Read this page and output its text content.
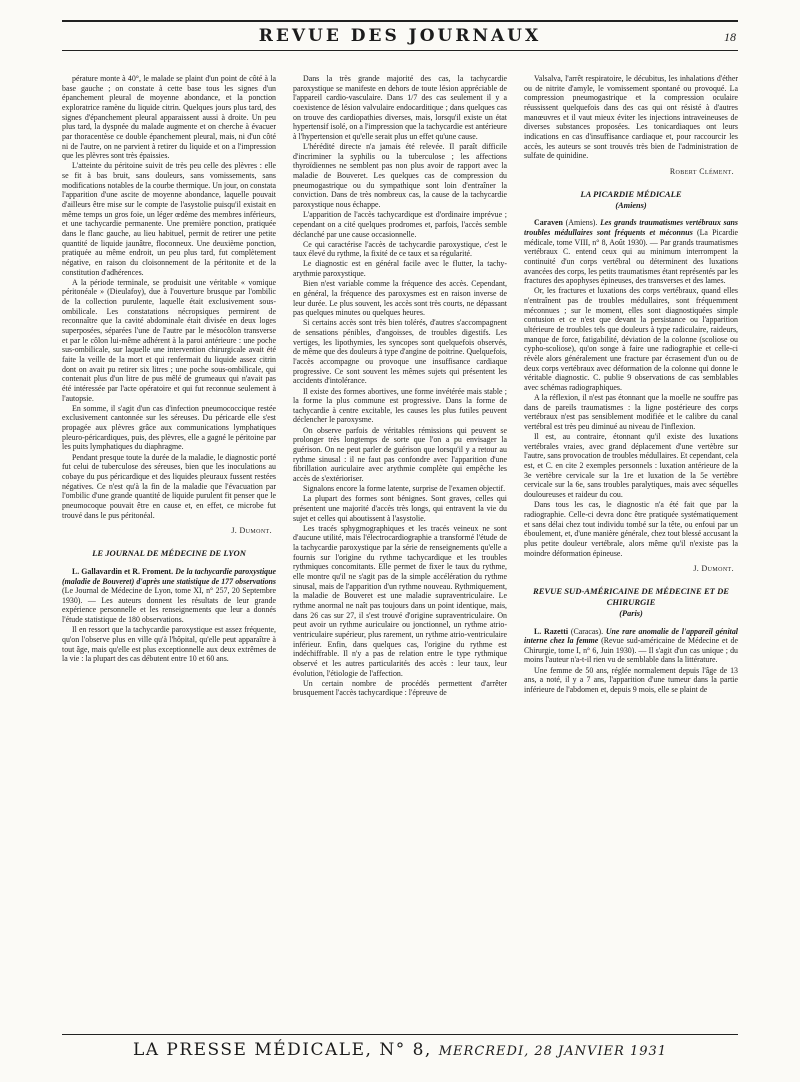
REVUE DES JOURNAUX	18

pérature monte à 40°, le malade se plaint d'un point de côté à la base gauche ; on constate à cette base tous les signes d'un épanchement pleural de moyenne abondance, et la ponction exploratrice ramène du liquide citrin. Quelques jours plus tard, des signes d'épanchement pleural apparaissent aussi à droite. Un peu plus tard, la dyspnée du malade augmente et on cherche à évacuer par thoracentèse ce double épanchement pleural, mais, ni d'un côté ni de l'autre, on ne parvient à retirer du liquide et on a l'impression que les plèvres sont très épaissies.

L'atteinte du péritoine suivit de très peu celle des plèvres : elle se fit à bas bruit, sans douleurs, sans vomissements, sans modifications notables de la courbe thermique. Un jour, on constata l'apparition d'une ascite de moyenne abondance, laquelle pouvait d'ailleurs être mise sur le compte de l'asystolie puisqu'il existait en même temps un gros foie, un léger œdème des membres inférieurs, et une tachycardie permanente. Une première ponction, pratiquée dans le flanc gauche, au lieu habituel, permit de retirer une petite quantité de liquide jaunâtre, floconneux. Une deuxième ponction, pratiquée au même endroit, un peu plus tard, fut complètement négative, en raison du cloisonnement de la péritonite et de la constitution d'adhérences.

A la période terminale, se produisit une véritable « vomique péritonéale » (Dieulafoy), due à l'ouverture brusque par l'ombilic de la collection purulente, laquelle était exclusivement sous-ombilicale. Les constatations nécropsiques permirent de reconnaître que la cavité abdominale était divisée en deux loges superposées, séparées l'une de l'autre par le mésocôlon transverse et par le côlon lui-même adhérent à la paroi antérieure : une poche sus-ombilicale, sur laquelle une intervention chirurgicale avait été faite la veille de la mort et qui renfermait du liquide assez citrin dont on avait pu retirer six litres ; une poche sous-ombilicale, qui contenait plus d'un litre de pus mêlé de grumeaux qui n'avait pas été intéressée par l'acte opératoire et qui fut reconnue seulement à l'autopsie.

En somme, il s'agit d'un cas d'infection pneumococcique restée exclusivement cantonnée sur les séreuses. Du péricarde elle s'est propagée aux plèvres grâce aux communications lymphatiques pleuro-péricardiques, puis, des plèvres, elle a gagné le péritoine par les puits lymphatiques du diaphragme.

Pendant presque toute la durée de la maladie, le diagnostic porté fut celui de tuberculose des séreuses, bien que les inoculations au cobaye du pus péricardique et des liquides pleuraux fussent restées négatives. Ce n'est qu'à la fin de la maladie que l'évacuation par l'ombilic d'une grande quantité de liquide purulent fit penser que le pneumocoque pouvait être en cause et, en effet, ce microbe fut trouvé dans le pus péritonéal.

J. Dumont.

LE JOURNAL DE MÉDECINE DE LYON

L. Gallavardin et R. Froment. De la tachycardie paroxystique (maladie de Bouveret) d'après une statistique de 177 observations (Le Journal de Médecine de Lyon, tome XI, n° 257, 20 Septembre 1930). — Les auteurs donnent les résultats de leur grande expérience personnelle et les renseignements que leur a donnés l'étude statistique de 180 observations.

Il en ressort que la tachycardie paroxystique est assez fréquente, qu'on l'observe plus en ville qu'à l'hôpital, qu'elle peut apparaître à tout âge, mais qu'elle est plus exceptionnelle aux deux extrêmes de la vie : la plupart des cas débutent entre 10 et 60 ans.

Dans la très grande majorité des cas, la tachycardie paroxystique se manifeste en dehors de toute lésion appréciable de l'appareil cardio-vasculaire. Dans 1/7 des cas seulement il y a coexistence de lésion valvulaire endocarditique ; dans quelques cas on trouve des cardiopathies diverses, mais, lorsqu'il existe un état hypertensif isolé, on a l'impression que la tachycardie est antérieure à l'hypertension et qu'elle serait plus un effet qu'une cause.

L'hérédité directe n'a jamais été relevée. Il paraît difficile d'incriminer la syphilis ou la tuberculose ; les affections thyroïdiennes ne semblent pas non plus avoir de rapport avec la maladie de Bouveret. Les quelques cas de compression du pneumogastrique ou du sympathique sont loin d'entraîner la conviction. Dans de très nombreux cas, la cause de la tachycardie paroxystique nous échappe.

L'apparition de l'accès tachycardique est d'ordinaire imprévue ; cependant on a cité quelques prodromes et, parfois, l'accès semble déclanché par une cause occasionnelle.

Ce qui caractérise l'accès de tachycardie paroxystique, c'est le taux élevé du rythme, la fixité de ce taux et sa régularité.

Le diagnostic est en général facile avec le flutter, la tachy-arythmie paroxystique.

Bien n'est variable comme la fréquence des accès. Cependant, en général, la fréquence des paroxysmes est en raison inverse de leur durée. Le plus souvent, les accès sont très courts, ne dépassant pas quelques minutes ou quelques heures.

Si certains accès sont très bien tolérés, d'autres s'accompagnent de sensations pénibles, d'angoisses, de troubles digestifs. Les vertiges, les lipothymies, les syncopes sont quelquefois observés, de même que des douleurs à type d'angine de poitrine. Quelquefois, l'accès accompagne ou provoque une insuffisance cardiaque progressive. Ce sont souvent les mêmes sujets qui présentent les accidents d'intolérance.

Il existe des formes abortives, une forme invétérée mais stable ; la forme la plus commune est progressive. Dans la forme de tachycardie à centre excitable, les causes les plus futiles peuvent déclencher le paroxysme.

On observe parfois de véritables rémissions qui peuvent se prolonger très longtemps de sorte que l'on a pu envisager la guérison. On ne peut parler de guérison que lorsqu'il y a retour au rythme sinusal : il ne faut pas confondre avec l'apparition d'une fibrillation auriculaire avec arythmie complète qui empêche les accès de s'extérioriser.

Signalons encore la forme latente, surprise de l'examen objectif.

La plupart des formes sont bénignes. Sont graves, celles qui présentent une majorité d'accès très longs, qui entravent la vie du sujet et celles qui aboutissent à l'asystolie.

Les tracés sphygmographiques et les tracés veineux ne sont d'aucune utilité, mais l'électrocardiographie a transformé l'étude de la tachycardie paroxystique par la série de renseignements qu'elle a fournis sur l'origine du rythme tachycardique et les troubles rythmiques concomitants. Elle permet de fixer le taux du rythme, elle montre qu'il ne s'agit pas de la simple accélération du rythme sinusal, mais de l'apparition d'un rythme nouveau. Rythmiquement, la maladie de Bouveret est une maladie supraventriculaire. Le rythme anormal ne naît pas toujours dans un point identique, mais, dans 26 cas sur 27, il s'est trouvé d'origine supraventriculaire. On peut avoir un rythme auriculaire ou jonctionnel, un rythme atrio-ventriculaire supérieur, plus rarement, un rythme atrio-ventriculaire inférieur. Enfin, dans quelques cas, l'origine du rythme est indéchiffrable. Il n'y a pas de relation entre le type rythmique observé et les autres particularités des accès : leur taux, leur évolution, l'étiologie de l'affection.

Un certain nombre de procédés permettent d'arrêter brusquement l'accès tachycardique : l'épreuve de

Valsalva, l'arrêt respiratoire, le décubitus, les inhalations d'éther ou de nitrite d'amyle, le vomissement spontané ou provoqué. La compression pneumogastrique et la compression oculaire réussissent quelquefois dans des cas qui ont résisté à d'autres manœuvres et il vaut mieux éviter les injections intraveineuses de diverses substances proposées. Les tonicardiaques ont leurs indications en cas d'insuffisance cardiaque et, pour raccourcir les accès, les auteurs se sont trouvés très bien de l'administration de sulfate de quinidine.

Robert Clément.

LA PICARDIE MÉDICALE

(Amiens)

Caraven (Amiens). Les grands traumatismes vertébraux sans troubles médullaires sont fréquents et méconnus (La Picardie médicale, tome VIII, n° 8, Août 1930). — Par grands traumatismes vertébraux C. entend ceux qui au minimum interrompent la continuité d'un corps vertébral ou déterminent des luxations avancées des corps, les petits traumatismes étant représentés par les fractures des apophyses épineuses, des transverses et des lames.

Or, les fractures et luxations des corps vertébraux, quand elles n'entraînent pas de troubles médullaires, sont fréquemment méconnues ; sur le moment, elles sont diagnostiquées simple contusion et ce n'est que devant la persistance ou l'apparition ultérieure de troubles tels que douleurs à type radiculaire, raideurs, manque de force, fatigabilité, déviation de la colonne (scoliose ou cypho-scoliose), qu'on songe à faire une radiographie et celle-ci révèle alors généralement une fracture par écrasement d'un ou de deux corps vertébraux avec déformation de la colonne qui donne le véritable diagnostic. C. publie 9 observations de cas semblables avec schémas radiographiques.

A la réflexion, il n'est pas étonnant que la moelle ne souffre pas dans de pareils traumatismes : la ligne postérieure des corps vertébraux n'est pas sensiblement modifiée et le calibre du canal vertébral est très peu diminué au niveau de l'inflexion.

Il est, au contraire, étonnant qu'il existe des luxations vertébrales vraies, avec grand déplacement d'une vertèbre sur l'autre, sans provocation de troubles médullaires. Et cependant, cela est, et C. en cite 2 exemples personnels : luxation antérieure de la 3e vertèbre cervicale sur la 1re et luxation de la 5e vertèbre cervicale sur la 6e, sans troubles paralytiques, mais avec séquelles douloureuses et raideur du cou.

Dans tous les cas, le diagnostic n'a été fait que par la radiographie. Celle-ci devra donc être pratiquée systématiquement et sans délai chez tout individu tombé sur la tête, ou enfoui par un éboulement, et, d'une manière générale, chez tout blessé accusant la plus petite douleur vertébrale, alors même qu'il n'existe pas la moindre déformation épineuse.

J. Dumont.

REVUE SUD-AMÉRICAINE DE MÉDECINE ET DE CHIRURGIE

(Paris)

L. Razetti (Caracas). Une rare anomalie de l'appareil génital interne chez la femme (Revue sud-américaine de Médecine et de Chirurgie, tome I, n° 6, Juin 1930). — Il s'agit d'un cas unique ; du moins l'auteur n'a-t-il rien vu de semblable dans la littérature.

Une femme de 50 ans, réglée normalement depuis l'âge de 13 ans, a noté, il y a 7 ans, l'apparition d'une tumeur dans la partie inférieure de l'abdomen et, depuis 9 mois, elle se plaint de

LA PRESSE MÉDICALE, N° 8, MERCREDI, 28 JANVIER 1931
